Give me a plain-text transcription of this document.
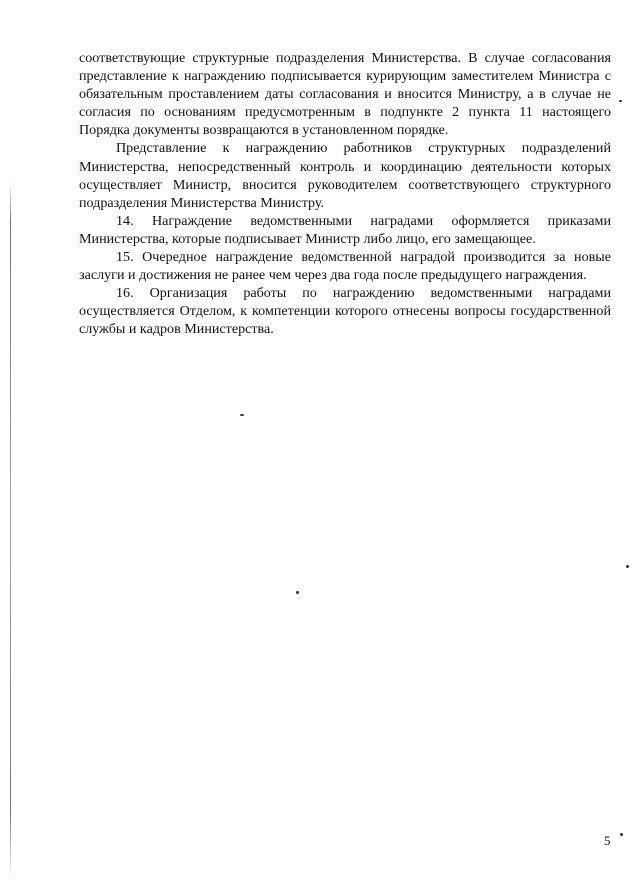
соответствующие структурные подразделения Министерства. В случае согласования представление к награждению подписывается курирующим заместителем Министра с обязательным проставлением даты согласования и вносится Министру, а в случае не согласия по основаниям предусмотренным в подпункте 2 пункта 11 настоящего Порядка документы возвращаются в установленном порядке.

Представление к награждению работников структурных подразделений Министерства, непосредственный контроль и координацию деятельности которых осуществляет Министр, вносится руководителем соответствующего структурного подразделения Министерства Министру.

14. Награждение ведомственными наградами оформляется приказами Министерства, которые подписывает Министр либо лицо, его замещающее.

15. Очередное награждение ведомственной наградой производится за новые заслуги и достижения не ранее чем через два года после предыдущего награждения.

16. Организация работы по награждению ведомственными наградами осуществляется Отделом, к компетенции которого отнесены вопросы государственной службы и кадров Министерства.

5
